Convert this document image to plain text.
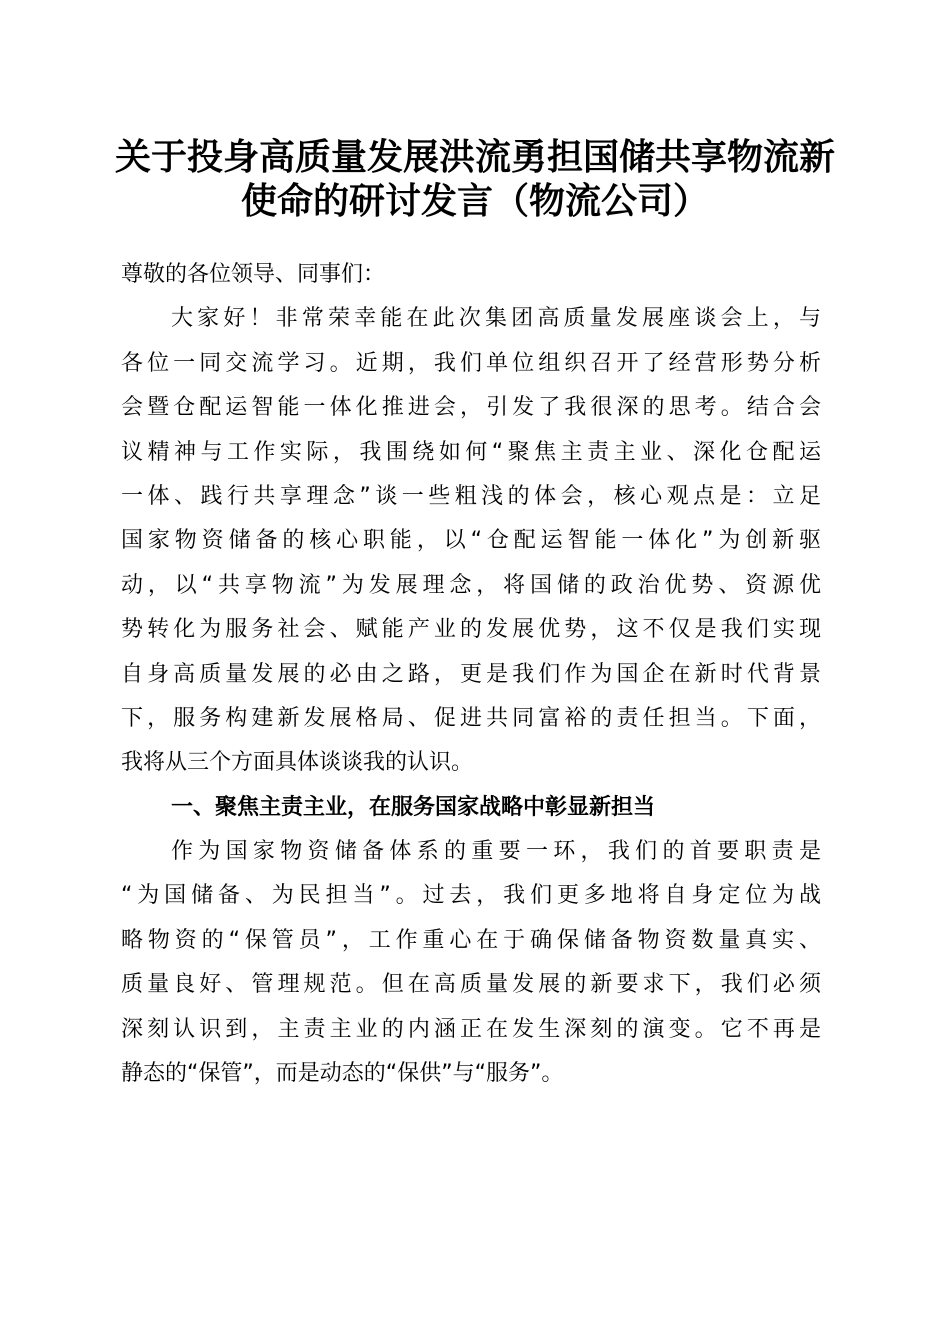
关于投身高质量发展洪流勇担国储共享物流新
使命的研讨发言（物流公司）
尊敬的各位领导、同事们：
大家好！非常荣幸能在此次集团高质量发展座谈会上，与
各位一同交流学习。近期，我们单位组织召开了经营形势分析
会暨仓配运智能一体化推进会，引发了我很深的思考。结合会
议精神与工作实际，我围绕如何“聚焦主责主业、深化仓配运
一体、践行共享理念”谈一些粗浅的体会，核心观点是：立足
国家物资储备的核心职能，以“仓配运智能一体化”为创新驱
动，以“共享物流”为发展理念，将国储的政治优势、资源优
势转化为服务社会、赋能产业的发展优势，这不仅是我们实现
自身高质量发展的必由之路，更是我们作为国企在新时代背景
下，服务构建新发展格局、促进共同富裕的责任担当。下面，
我将从三个方面具体谈谈我的认识。
一、聚焦主责主业，在服务国家战略中彰显新担当
作为国家物资储备体系的重要一环，我们的首要职责是
“为国储备、为民担当”。过去，我们更多地将自身定位为战
略物资的“保管员”，工作重心在于确保储备物资数量真实、
质量良好、管理规范。但在高质量发展的新要求下，我们必须
深刻认识到，主责主业的内涵正在发生深刻的演变。它不再是
静态的“保管”，而是动态的“保供”与“服务”。
